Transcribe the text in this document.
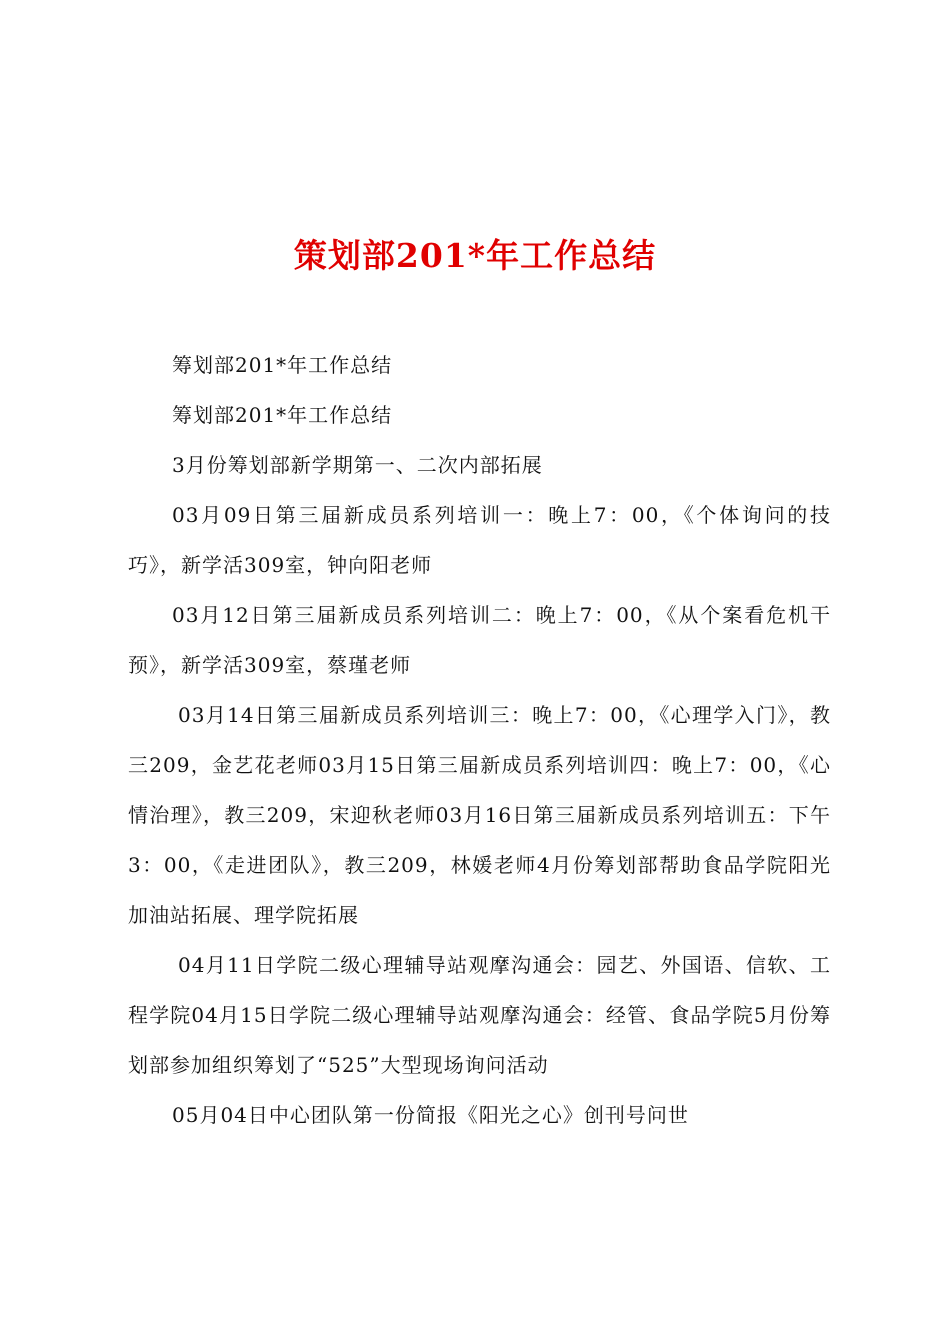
策划部201*年工作总结

筹划部201*年工作总结

筹划部201*年工作总结

3月份筹划部新学期第一、二次内部拓展

03月09日第三届新成员系列培训一：晚上7：00，《个体询问的技巧》，新学活309室，钟向阳老师

03月12日第三届新成员系列培训二：晚上7：00，《从个案看危机干预》，新学活309室，蔡瑾老师

03月14日第三届新成员系列培训三：晚上7：00，《心理学入门》，教三209，金艺花老师03月15日第三届新成员系列培训四：晚上7：00，《心情治理》，教三209，宋迎秋老师03月16日第三届新成员系列培训五：下午3：00，《走进团队》，教三209，林媛老师4月份筹划部帮助食品学院阳光加油站拓展、理学院拓展

04月11日学院二级心理辅导站观摩沟通会：园艺、外国语、信软、工程学院04月15日学院二级心理辅导站观摩沟通会：经管、食品学院5月份筹划部参加组织筹划了“525”大型现场询问活动

05月04日中心团队第一份简报《阳光之心》创刊号问世
